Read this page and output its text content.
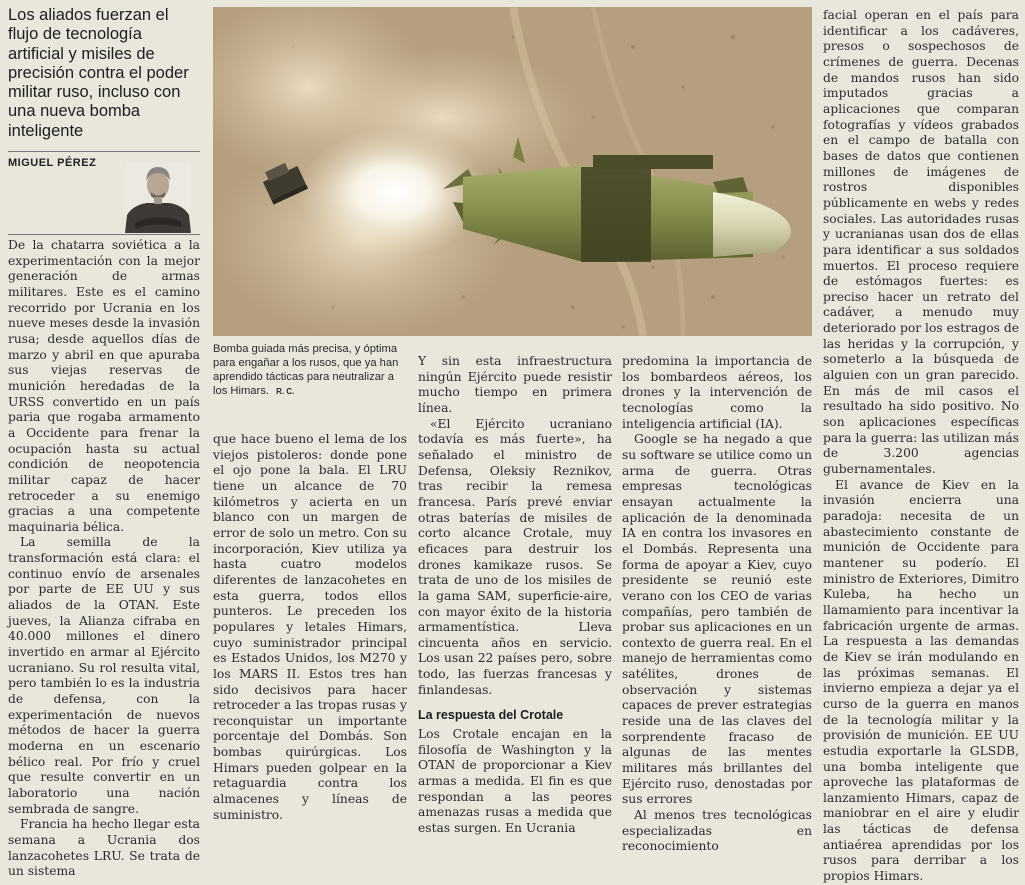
Los aliados fuerzan el flujo de tecnología artificial y misiles de precisión contra el poder militar ruso, incluso con una nueva bomba inteligente
MIGUEL PÉREZ

De la chatarra soviética a la experimentación con la mejor generación de armas militares. Este es el camino recorrido por Ucrania en los nueve meses desde la invasión rusa; desde aquellos días de marzo y abril en que apuraba sus viejas reservas de munición heredadas de la URSS convertido en un país paria que rogaba armamento a Occidente para frenar la ocupación hasta su actual condición de neopotencia militar capaz de hacer retroceder a su enemigo gracias a una competente maquinaria bélica.

La semilla de la transformación está clara: el continuo envío de arsenales por parte de EE UU y sus aliados de la OTAN. Este jueves, la Alianza cifraba en 40.000 millones el dinero invertido en armar al Ejército ucraniano. Su rol resulta vital, pero también lo es la industria de defensa, con la experimentación de nuevos métodos de hacer la guerra moderna en un escenario bélico real. Por frío y cruel que resulte convertir en un laboratorio una nación sembrada de sangre.

Francia ha hecho llegar esta semana a Ucrania dos lanzacohetes LRU. Se trata de un sistema

Bomba guiada más precisa, y óptima para engañar a los rusos, que ya han aprendido tácticas para neutralizar a los Himars. R. C.

que hace bueno el lema de los viejos pistoleros: donde pone el ojo pone la bala. El LRU tiene un alcance de 70 kilómetros y acierta en un blanco con un margen de error de solo un metro. Con su incorporación, Kiev utiliza ya hasta cuatro modelos diferentes de lanzacohetes en esta guerra, todos ellos punteros. Le preceden los populares y letales Himars, cuyo suministrador principal es Estados Unidos, los M270 y los MARS II. Estos tres han sido decisivos para hacer retroceder a las tropas rusas y reconquistar un importante porcentaje del Dombás. Son bombas quirúrgicas. Los Himars pueden golpear en la retaguardia contra los almacenes y líneas de suministro.

Y sin esta infraestructura ningún Ejército puede resistir mucho tiempo en primera línea.

«El Ejército ucraniano todavía es más fuerte», ha señalado el ministro de Defensa, Oleksiy Reznikov, tras recibir la remesa francesa. París prevé enviar otras baterías de misiles de corto alcance Crotale, muy eficaces para destruir los drones kamikaze rusos. Se trata de uno de los misiles de la gama SAM, superficie-aire, con mayor éxito de la historia armamentística. Lleva cincuenta años en servicio. Los usan 22 países pero, sobre todo, las fuerzas francesas y finlandesas.

La respuesta del Crotale

Los Crotale encajan en la filosofía de Washington y la OTAN de proporcionar a Kiev armas a medida. El fin es que respondan a las peores amenazas rusas a medida que estas surgen. En Ucrania

predomina la importancia de los bombardeos aéreos, los drones y la intervención de tecnologías como la inteligencia artificial (IA).

Google se ha negado a que su software se utilice como un arma de guerra. Otras empresas tecnológicas ensayan actualmente la aplicación de la denominada IA en contra los invasores en el Dombás. Representa una forma de apoyar a Kiev, cuyo presidente se reunió este verano con los CEO de varias compañías, pero también de probar sus aplicaciones en un contexto de guerra real. En el manejo de herramientas como satélites, drones de observación y sistemas capaces de prever estrategias reside una de las claves del sorprendente fracaso de algunas de las mentes militares más brillantes del Ejército ruso, denostadas por sus errores

Al menos tres tecnológicas especializadas en reconocimiento

facial operan en el país para identificar a los cadáveres, presos o sospechosos de crímenes de guerra. Decenas de mandos rusos han sido imputados gracias a aplicaciones que comparan fotografías y vídeos grabados en el campo de batalla con bases de datos que contienen millones de imágenes de rostros disponibles públicamente en webs y redes sociales. Las autoridades rusas y ucranianas usan dos de ellas para identificar a sus soldados muertos. El proceso requiere de estómagos fuertes: es preciso hacer un retrato del cadáver, a menudo muy deteriorado por los estragos de las heridas y la corrupción, y someterlo a la búsqueda de alguien con un gran parecido. En más de mil casos el resultado ha sido positivo. No son aplicaciones específicas para la guerra: las utilizan más de 3.200 agencias gubernamentales.

El avance de Kiev en la invasión encierra una paradoja: necesita de un abastecimiento constante de munición de Occidente para mantener su poderío. El ministro de Exteriores, Dimitro Kuleba, ha hecho un llamamiento para incentivar la fabricación urgente de armas. La respuesta a las demandas de Kiev se irán modulando en las próximas semanas. El invierno empieza a dejar ya el curso de la guerra en manos de la tecnología militar y la provisión de munición. EE UU estudia exportarle la GLSDB, una bomba inteligente que aproveche las plataformas de lanzamiento Himars, capaz de maniobrar en el aire y eludir las tácticas de defensa antiaérea aprendidas por los rusos para derribar a los propios Himars.
